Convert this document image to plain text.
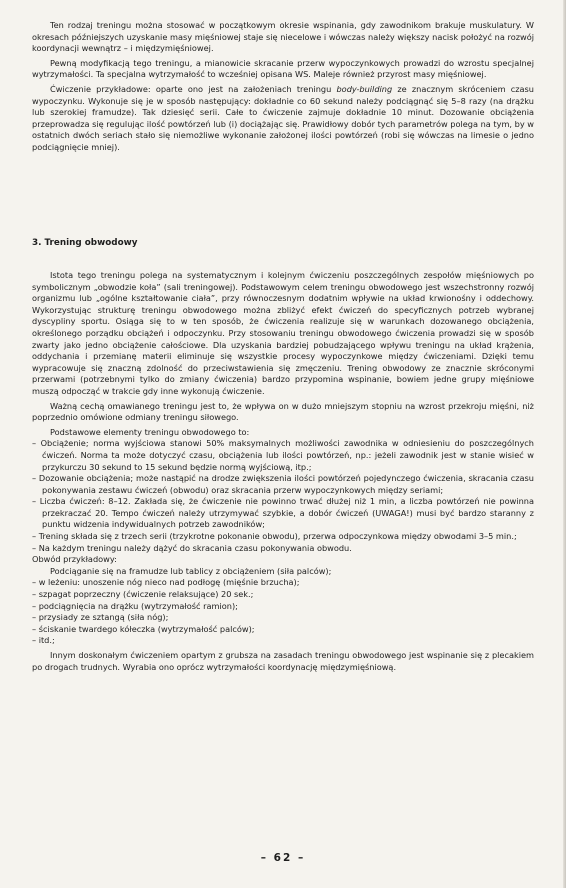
Ten rodzaj treningu można stosować w początkowym okresie wspinania, gdy zawodnikom brakuje muskulatury. W okresach późniejszych uzyskanie masy mięśniowej staje się niecelowe i wówczas należy większy nacisk położyć na rozwój koordynacji wewnątrz – i międzymięśniowej.

Pewną modyfikacją tego treningu, a mianowicie skracanie przerw wypoczynkowych prowadzi do wzrostu specjalnej wytrzymałości. Ta specjalna wytrzymałość to wcześniej opisana WS. Maleje również przyrost masy mięśniowej.

Ćwiczenie przykładowe: oparte ono jest na założeniach treningu body-building ze znacznym skróceniem czasu wypoczynku. Wykonuje się je w sposób następujący: dokładnie co 60 sekund należy podciągnąć się 5–8 razy (na drążku lub szerokiej framudze). Tak dziesięć serii. Całe to ćwiczenie zajmuje dokładnie 10 minut. Dozowanie obciążenia przeprowadza się regulując ilość powtórzeń lub (i) dociążając się. Prawidłowy dobór tych parametrów polega na tym, by w ostatnich dwóch seriach stało się niemożliwe wykonanie założonej ilości powtórzeń (robi się wówczas na limesie o jedno podciągnięcie mniej).

3. Trening obwodowy

Istota tego treningu polega na systematycznym i kolejnym ćwiczeniu poszczególnych zespołów mięśniowych po symbolicznym „obwodzie koła” (sali treningowej). Podstawowym celem treningu obwodowego jest wszechstronny rozwój organizmu lub „ogólne kształtowanie ciała”, przy równoczesnym dodatnim wpływie na układ krwionośny i oddechowy. Wykorzystując strukturę treningu obwodowego można zbliżyć efekt ćwiczeń do specyficznych potrzeb wybranej dyscypliny sportu. Osiąga się to w ten sposób, że ćwiczenia realizuje się w warunkach dozowanego obciążenia, określonego porządku obciążeń i odpoczynku. Przy stosowaniu treningu obwodowego ćwiczenia prowadzi się w sposób zwarty jako jedno obciążenie całościowe. Dla uzyskania bardziej pobudzającego wpływu treningu na układ krążenia, oddychania i przemianę materii eliminuje się wszystkie procesy wypoczynkowe między ćwiczeniami. Dzięki temu wypracowuje się znaczną zdolność do przeciwstawienia się zmęczeniu. Trening obwodowy ze znacznie skróconymi przerwami (potrzebnymi tylko do zmiany ćwiczenia) bardzo przypomina wspinanie, bowiem jedne grupy mięśniowe muszą odpocząć w trakcie gdy inne wykonują ćwiczenie.

Ważną cechą omawianego treningu jest to, że wpływa on w dużo mniejszym stopniu na wzrost przekroju mięśni, niż poprzednio omówione odmiany treningu siłowego.

Podstawowe elementy treningu obwodowego to:

– Obciążenie; norma wyjściowa stanowi 50% maksymalnych możliwości zawodnika w odniesieniu do poszczególnych ćwiczeń. Norma ta może dotyczyć czasu, obciążenia lub ilości powtórzeń, np.: jeżeli zawodnik jest w stanie wisieć w przykurczu 30 sekund to 15 sekund będzie normą wyjściową, itp.;

– Dozowanie obciążenia; może nastąpić na drodze zwiększenia ilości powtórzeń pojedynczego ćwiczenia, skracania czasu pokonywania zestawu ćwiczeń (obwodu) oraz skracania przerw wypoczynkowych między seriami;

– Liczba ćwiczeń: 8–12. Zakłada się, że ćwiczenie nie powinno trwać dłużej niż 1 min, a liczba powtórzeń nie powinna przekraczać 20. Tempo ćwiczeń należy utrzymywać szybkie, a dobór ćwiczeń (UWAGA!) musi być bardzo staranny z punktu widzenia indywidualnych potrzeb zawodników;

– Trening składa się z trzech serii (trzykrotne pokonanie obwodu), przerwa odpoczynkowa między obwodami 3–5 min.;

– Na każdym treningu należy dążyć do skracania czasu pokonywania obwodu.

Obwód przykładowy:

Podciąganie się na framudze lub tablicy z obciążeniem (siła palców);

– w leżeniu: unoszenie nóg nieco nad podłogę (mięśnie brzucha);

– szpagat poprzeczny (ćwiczenie relaksujące) 20 sek.;

– podciągnięcia na drążku (wytrzymałość ramion);

– przysiady ze sztangą (siła nóg);

– ściskanie twardego kółeczka (wytrzymałość palców);

– itd.;

Innym doskonałym ćwiczeniem opartym z grubsza na zasadach treningu obwodowego jest wspinanie się z plecakiem po drogach trudnych. Wyrabia ono oprócz wytrzymałości koordynację międzymięśniową.

– 62 –
